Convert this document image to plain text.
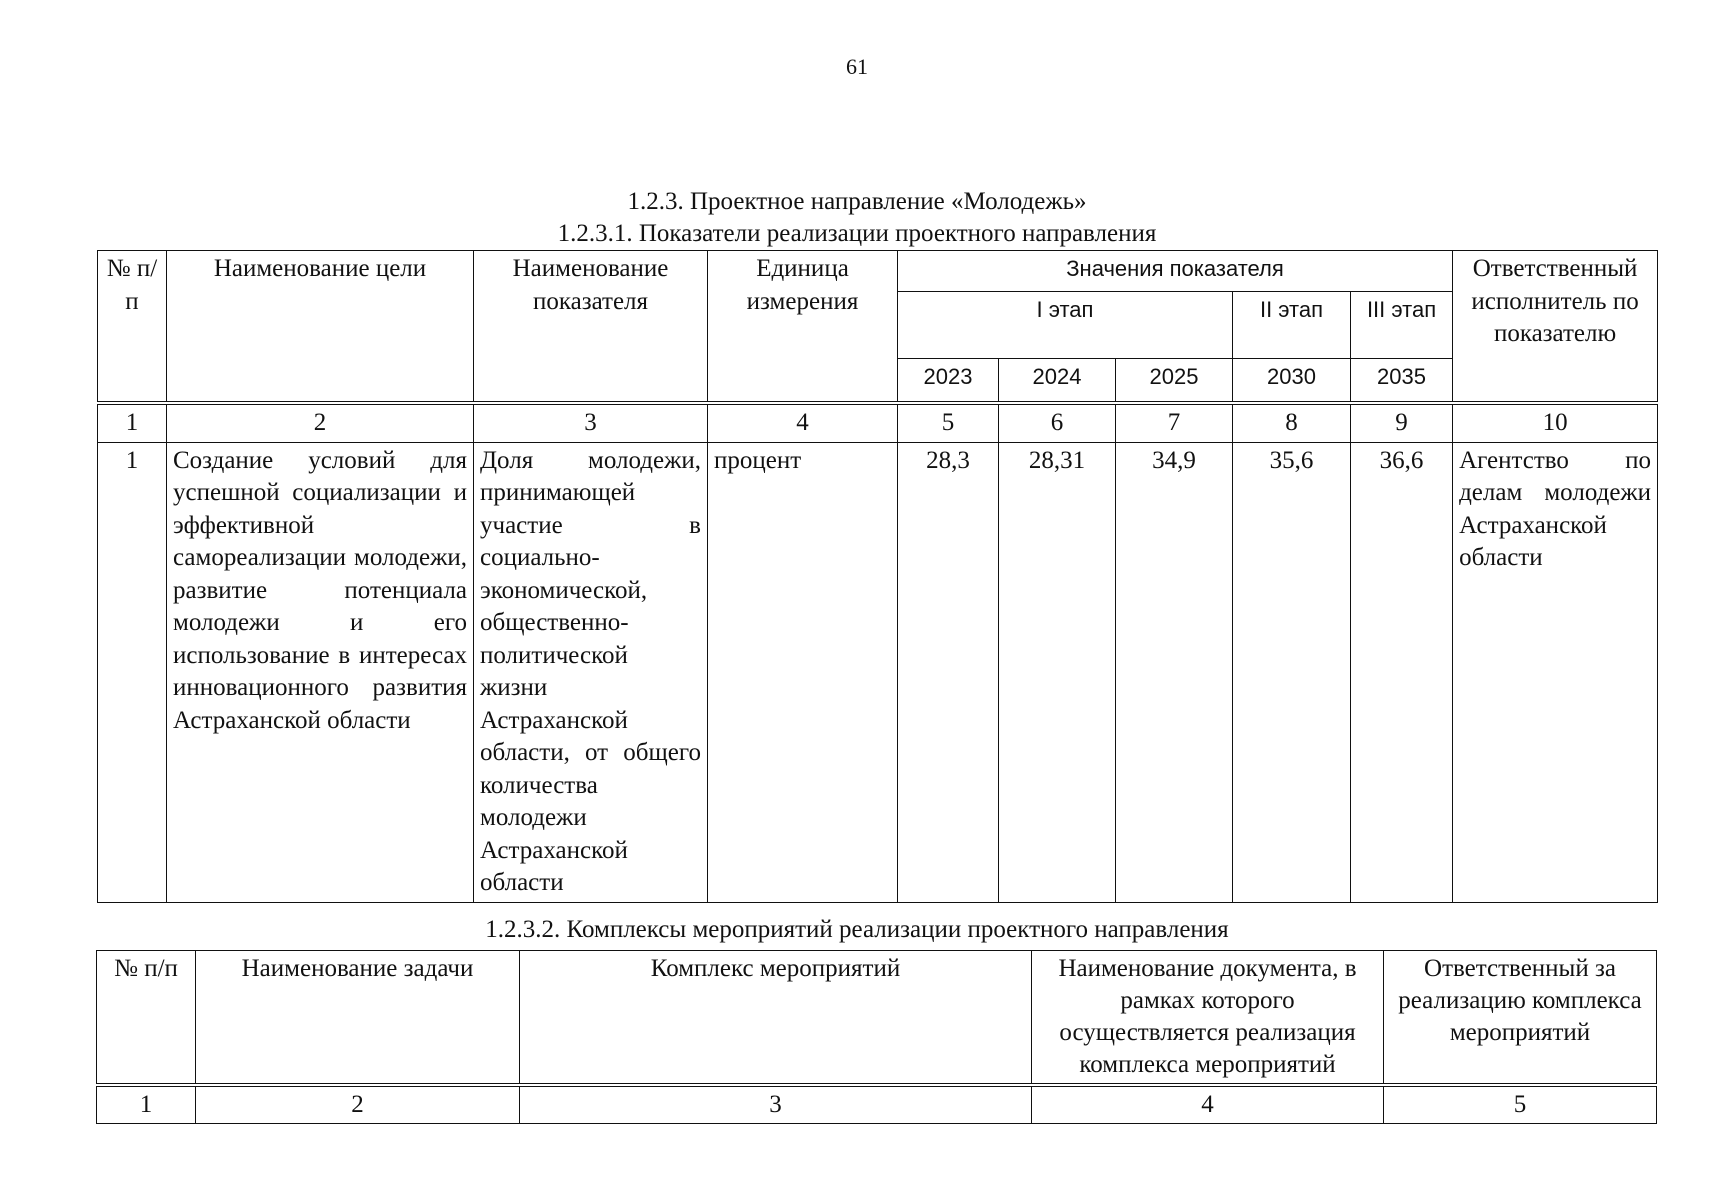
61
1.2.3. Проектное направление «Молодежь»
1.2.3.1. Показатели реализации проектного направления
№ п/п	Наименование цели	Наименование показателя	Единица измерения	Значения показателя					Ответственный исполнитель по показателю
				I этап			II этап	III этап	
				2023	2024	2025	2030	2035	
1	2	3	4	5	6	7	8	9	10
1	Создание условий для успешной социализации и эффективной самореализации молодежи, развитие потенциала молодежи и его использование в интересах инновационного развития Астраханской области	Доля молодежи, принимающей участие в социально-экономической, общественно-политической жизни Астраханской области, от общего количества молодежи Астраханской области	процент	28,3	28,31	34,9	35,6	36,6	Агентство по делам молодежи Астраханской области
1.2.3.2. Комплексы мероприятий реализации проектного направления
№ п/п	Наименование задачи	Комплекс мероприятий	Наименование документа, в рамках которого осуществляется реализация комплекса мероприятий	Ответственный за реализацию комплекса мероприятий
1	2	3	4	5
